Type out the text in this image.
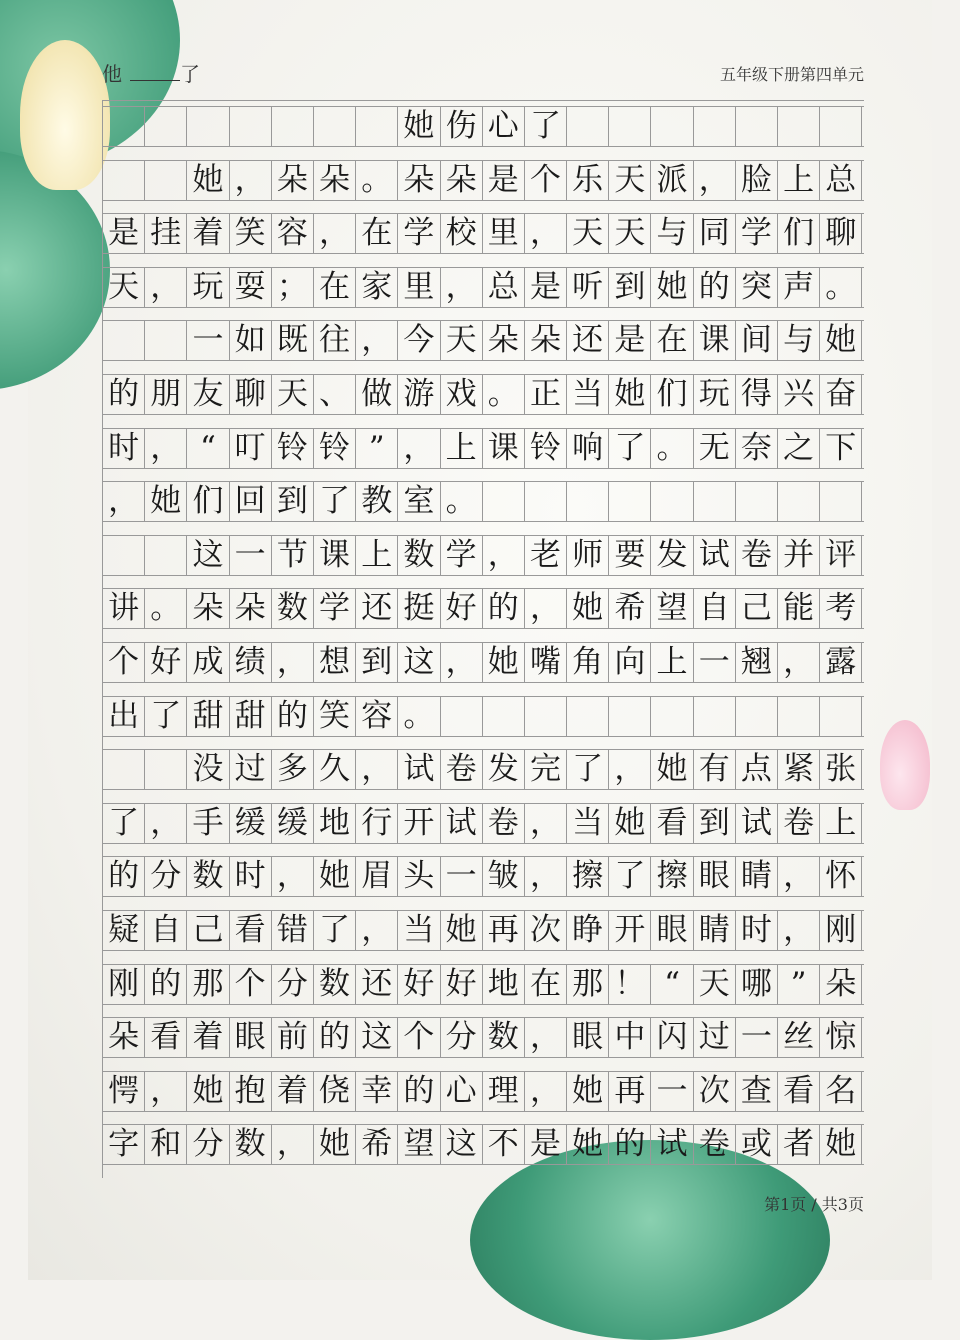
他	了	五年级下册第四单元
她 伤 心 了
她 ， 朵 朵 。 朵 朵 是 个 乐 天 派 ， 脸 上 总
是 挂 着 笑 容 ， 在 学 校 里 ， 天 天 与 同 学 们 聊
天 ， 玩 耍 ； 在 家 里 ， 总 是 听 到 她 的 突 声 。
一 如 既 往 ， 今 天 朵 朵 还 是 在 课 间 与 她
的 朋 友 聊 天 、 做 游 戏 。 正 当 她 们 玩 得 兴 奋
时 ， “ 叮 铃 铃 ” ， 上 课 铃 响 了 。 无 奈 之 下
， 她 们 回 到 了 教 室 。
这 一 节 课 上 数 学 ， 老 师 要 发 试 卷 并 评
讲 。 朵 朵 数 学 还 挺 好 的 ， 她 希 望 自 己 能 考
个 好 成 绩 ， 想 到 这 ， 她 嘴 角 向 上 一 翘 ， 露
出 了 甜 甜 的 笑 容 。
没 过 多 久 ， 试 卷 发 完 了 ， 她 有 点 紧 张
了 ， 手 缓 缓 地 行 开 试 卷 ， 当 她 看 到 试 卷 上
的 分 数 时 ， 她 眉 头 一 皱 ， 擦 了 擦 眼 睛 ， 怀
疑 自 己 看 错 了 ， 当 她 再 次 睁 开 眼 睛 时 ， 刚
刚 的 那 个 分 数 还 好 好 地 在 那 ！ “ 天 哪 ” 朵
朵 看 着 眼 前 的 这 个 分 数 ， 眼 中 闪 过 一 丝 惊
愕 ， 她 抱 着 侥 幸 的 心 理 ， 她 再 一 次 查 看 名
字 和 分 数 ， 她 希 望 这 不 是 她 的 试 卷 或 者 她
第1页 / 共3页
